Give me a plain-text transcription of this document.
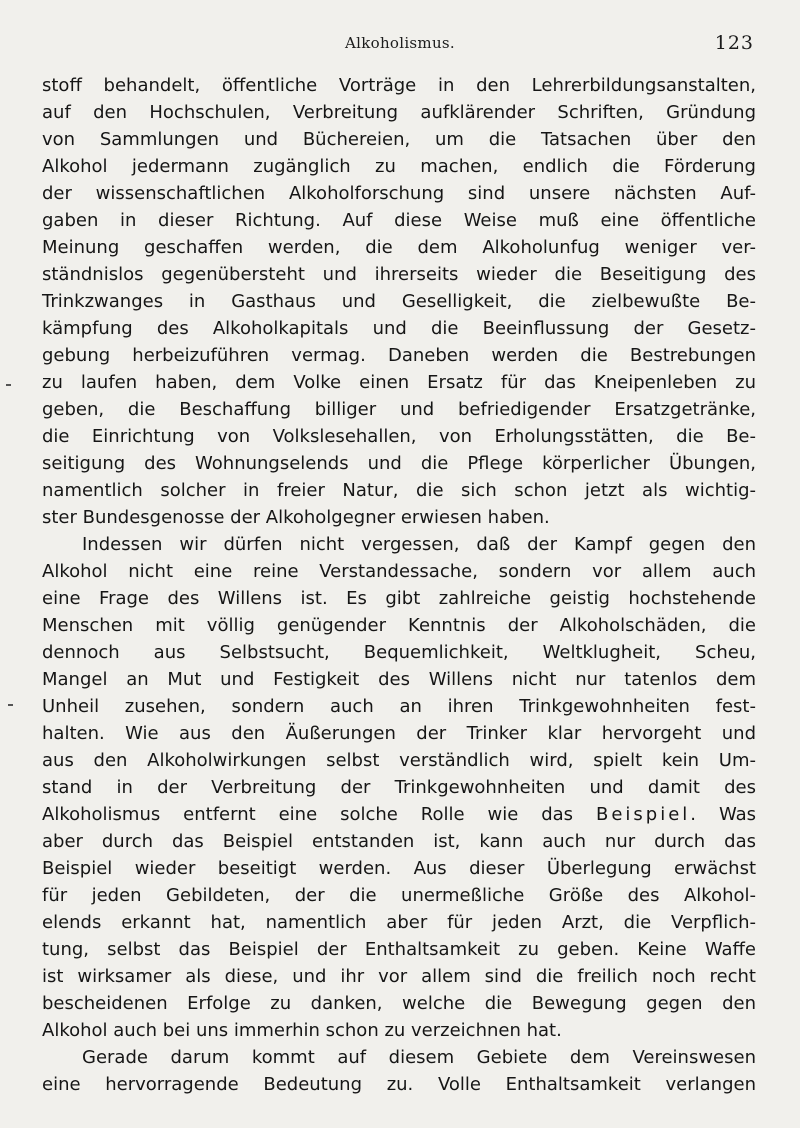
Alkoholismus.	123
stoff behandelt, öffentliche Vorträge in den Lehrerbildungsanstalten,
auf den Hochschulen, Verbreitung aufklärender Schriften, Gründung
von Sammlungen und Büchereien, um die Tatsachen über den
Alkohol jedermann zugänglich zu machen, endlich die Förderung
der wissenschaftlichen Alkoholforschung sind unsere nächsten Auf-
gaben in dieser Richtung. Auf diese Weise muß eine öffentliche
Meinung geschaffen werden, die dem Alkoholunfug weniger ver-
ständnislos gegenübersteht und ihrerseits wieder die Beseitigung des
Trinkzwanges in Gasthaus und Geselligkeit, die zielbewußte Be-
kämpfung des Alkoholkapitals und die Beeinflussung der Gesetz-
gebung herbeizuführen vermag. Daneben werden die Bestrebungen
zu laufen haben, dem Volke einen Ersatz für das Kneipenleben zu
geben, die Beschaffung billiger und befriedigender Ersatzgetränke,
die Einrichtung von Volkslesehallen, von Erholungsstätten, die Be-
seitigung des Wohnungselends und die Pflege körperlicher Übungen,
namentlich solcher in freier Natur, die sich schon jetzt als wichtig-
ster Bundesgenosse der Alkoholgegner erwiesen haben.
Indessen wir dürfen nicht vergessen, daß der Kampf gegen den
Alkohol nicht eine reine Verstandessache, sondern vor allem auch
eine Frage des Willens ist. Es gibt zahlreiche geistig hochstehende
Menschen mit völlig genügender Kenntnis der Alkoholschäden, die
dennoch aus Selbstsucht, Bequemlichkeit, Weltklugheit, Scheu,
Mangel an Mut und Festigkeit des Willens nicht nur tatenlos dem
Unheil zusehen, sondern auch an ihren Trinkgewohnheiten fest-
halten. Wie aus den Äußerungen der Trinker klar hervorgeht und
aus den Alkoholwirkungen selbst verständlich wird, spielt kein Um-
stand in der Verbreitung der Trinkgewohnheiten und damit des
Alkoholismus entfernt eine solche Rolle wie das Beispiel. Was
aber durch das Beispiel entstanden ist, kann auch nur durch das
Beispiel wieder beseitigt werden. Aus dieser Überlegung erwächst
für jeden Gebildeten, der die unermeßliche Größe des Alkohol-
elends erkannt hat, namentlich aber für jeden Arzt, die Verpflich-
tung, selbst das Beispiel der Enthaltsamkeit zu geben. Keine Waffe
ist wirksamer als diese, und ihr vor allem sind die freilich noch recht
bescheidenen Erfolge zu danken, welche die Bewegung gegen den
Alkohol auch bei uns immerhin schon zu verzeichnen hat.
Gerade darum kommt auf diesem Gebiete dem Vereinswesen
eine hervorragende Bedeutung zu. Volle Enthaltsamkeit verlangen
